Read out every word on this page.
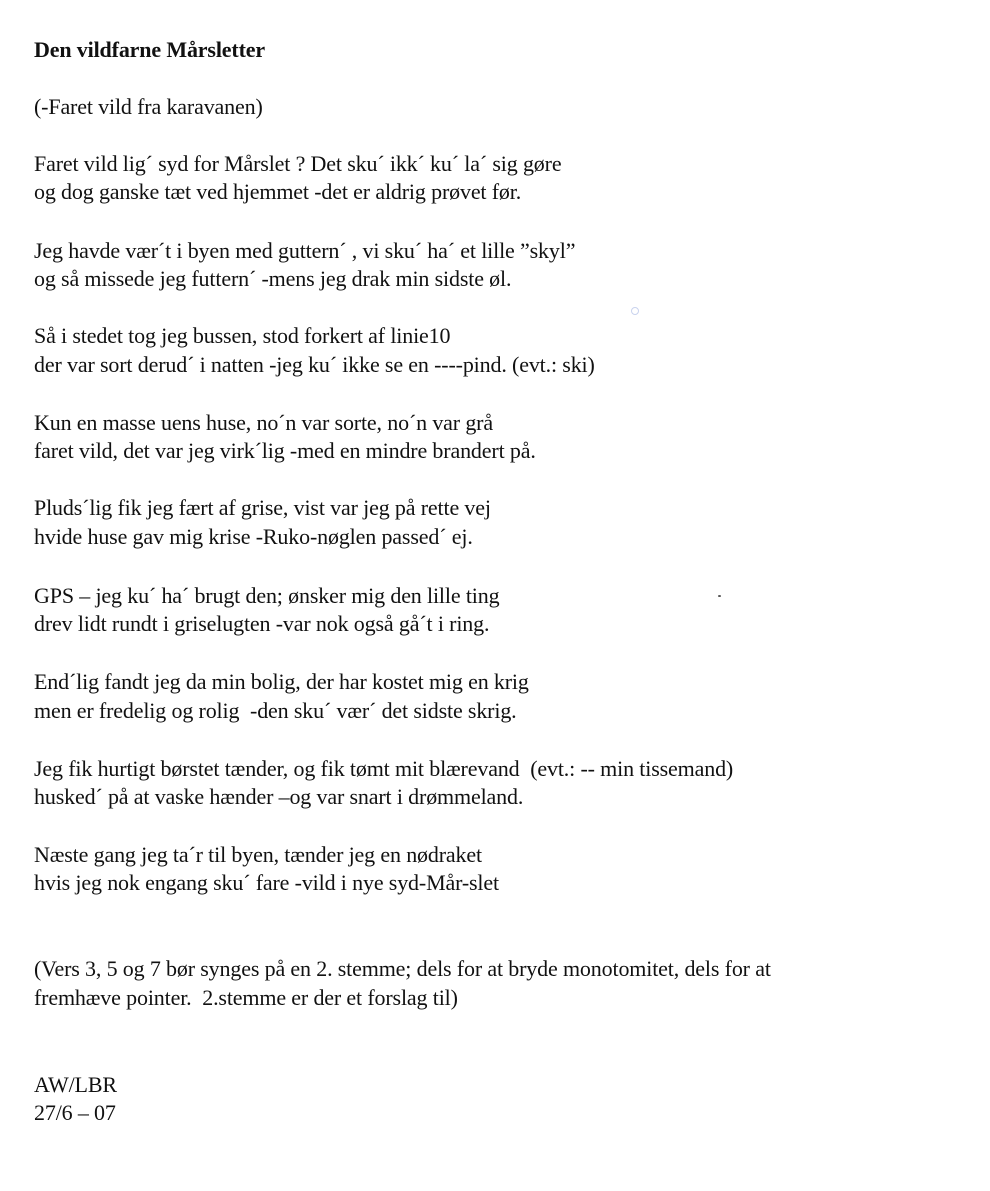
Den vildfarne Mårsletter
(-Faret vild fra karavanen)
Faret vild lig´ syd for Mårslet ? Det sku´ ikk´ ku´ la´ sig gøre
og dog ganske tæt ved hjemmet -det er aldrig prøvet før.
Jeg havde vær´t i byen med guttern´ , vi sku´ ha´ et lille ”skyl”
og så missede jeg futtern´ -mens jeg drak min sidste øl.
Så i stedet tog jeg bussen, stod forkert af linie10
der var sort derud´ i natten -jeg ku´ ikke se en ----pind. (evt.: ski)
Kun en masse uens huse, no´n var sorte, no´n var grå
faret vild, det var jeg virk´lig -med en mindre brandert på.
Pluds´lig fik jeg fært af grise, vist var jeg på rette vej
hvide huse gav mig krise -Ruko-nøglen passed´ ej.
GPS – jeg ku´ ha´ brugt den; ønsker mig den lille ting
drev lidt rundt i griselugten -var nok også gå´t i ring.
End´lig fandt jeg da min bolig, der har kostet mig en krig
men er fredelig og rolig  -den sku´ vær´ det sidste skrig.
Jeg fik hurtigt børstet tænder, og fik tømt mit blærevand  (evt.: -- min tissemand)
husked´ på at vaske hænder –og var snart i drømmeland.
Næste gang jeg ta´r til byen, tænder jeg en nødraket
hvis jeg nok engang sku´ fare -vild i nye syd-Mår-slet
(Vers 3, 5 og 7 bør synges på en 2. stemme; dels for at bryde monotomitet, dels for at
fremhæve pointer.  2.stemme er der et forslag til)
AW/LBR
27/6 – 07
